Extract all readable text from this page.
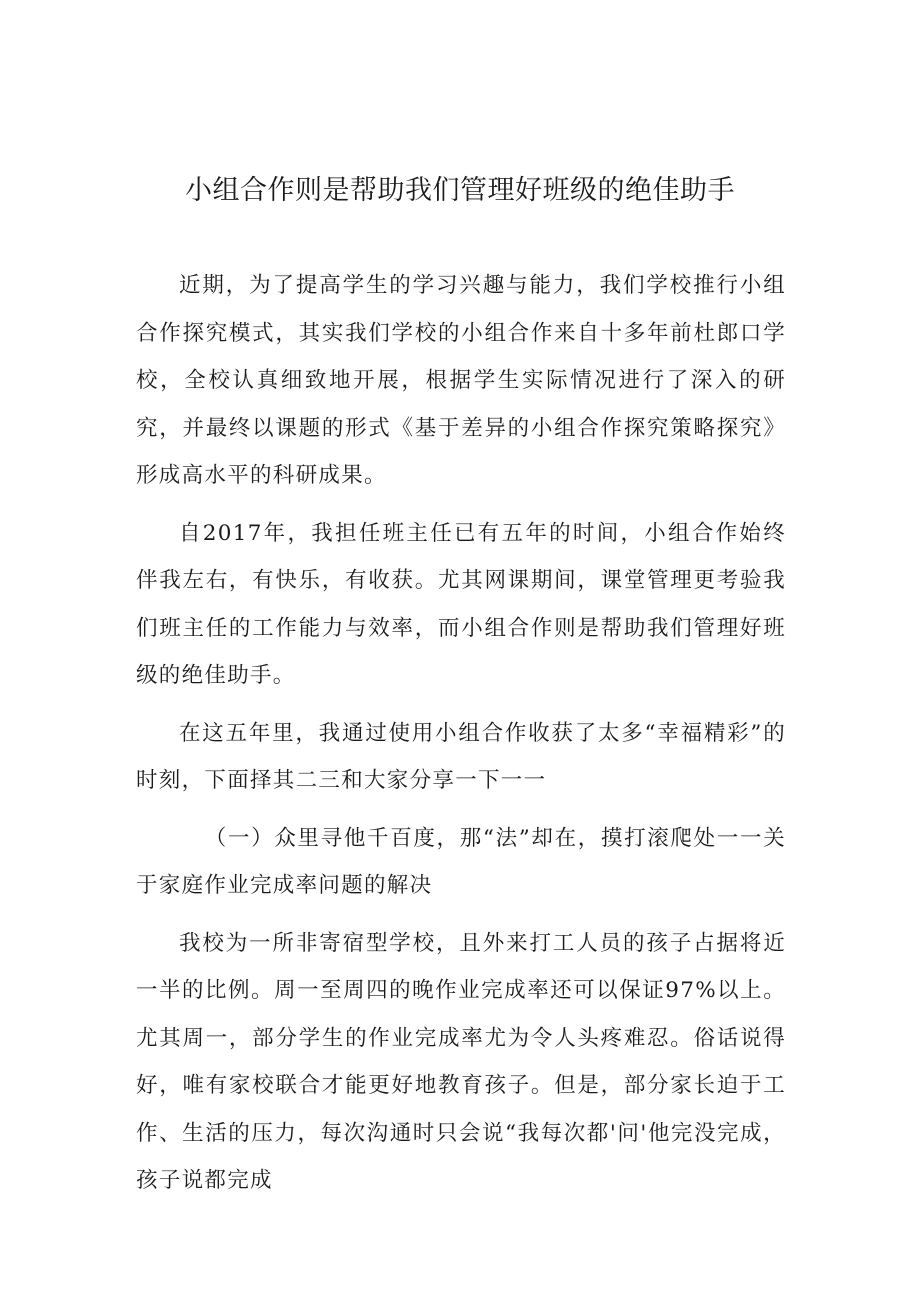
小组合作则是帮助我们管理好班级的绝佳助手

近期，为了提高学生的学习兴趣与能力，我们学校推行小组合作探究模式，其实我们学校的小组合作来自十多年前杜郎口学校，全校认真细致地开展，根据学生实际情况进行了深入的研究，并最终以课题的形式《基于差异的小组合作探究策略探究》形成高水平的科研成果。

自2017年，我担任班主任已有五年的时间，小组合作始终伴我左右，有快乐，有收获。尤其网课期间，课堂管理更考验我们班主任的工作能力与效率，而小组合作则是帮助我们管理好班级的绝佳助手。

在这五年里，我通过使用小组合作收获了太多“幸福精彩”的时刻，下面择其二三和大家分享一下一一

（一）众里寻他千百度，那“法”却在，摸打滚爬处一一关于家庭作业完成率问题的解决

我校为一所非寄宿型学校，且外来打工人员的孩子占据将近一半的比例。周一至周四的晚作业完成率还可以保证97%以上。尤其周一，部分学生的作业完成率尤为令人头疼难忍。俗话说得好，唯有家校联合才能更好地教育孩子。但是，部分家长迫于工作、生活的压力，每次沟通时只会说“我每次都'问'他完没完成，孩子说都完成
